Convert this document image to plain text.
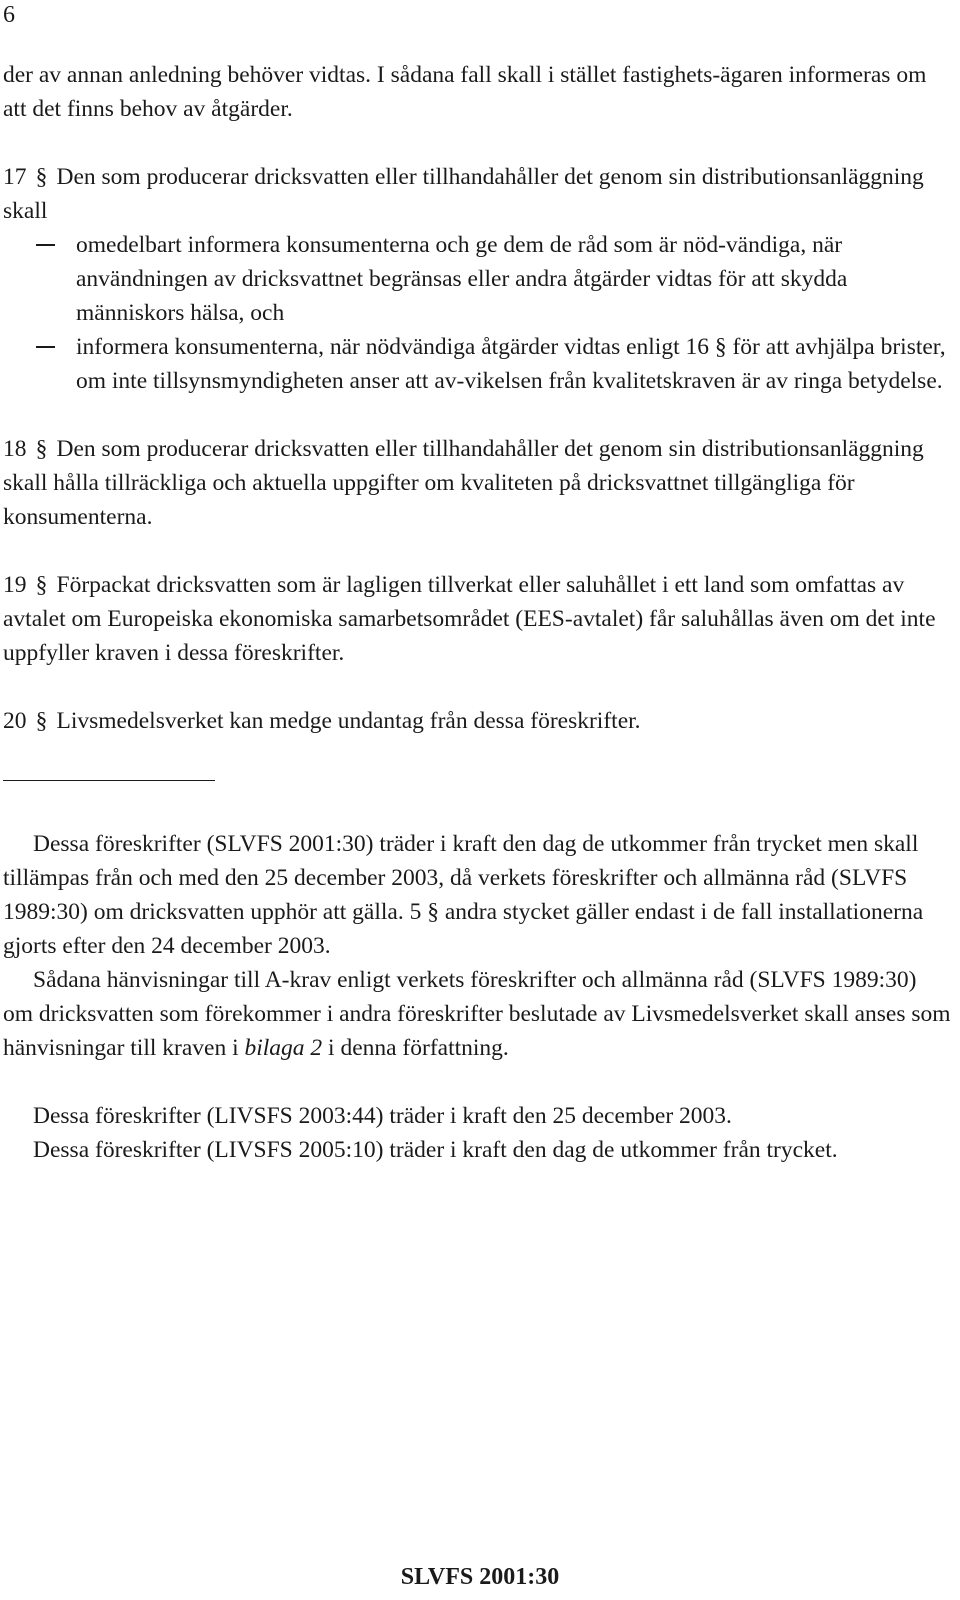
6

der av annan anledning behöver vidtas. I sådana fall skall i stället fastighets-ägaren informeras om att det finns behov av åtgärder.

17 § Den som producerar dricksvatten eller tillhandahåller det genom sin distributionsanläggning skall

omedelbart informera konsumenterna och ge dem de råd som är nöd-vändiga, när användningen av dricksvattnet begränsas eller andra åtgärder vidtas för att skydda människors hälsa, och
informera konsumenterna, när nödvändiga åtgärder vidtas enligt 16 § för att avhjälpa brister, om inte tillsynsmyndigheten anser att av-vikelsen från kvalitetskraven är av ringa betydelse.

18 § Den som producerar dricksvatten eller tillhandahåller det genom sin distributionsanläggning skall hålla tillräckliga och aktuella uppgifter om kvaliteten på dricksvattnet tillgängliga för konsumenterna.

19 § Förpackat dricksvatten som är lagligen tillverkat eller saluhållet i ett land som omfattas av avtalet om Europeiska ekonomiska samarbetsområdet (EES-avtalet) får saluhållas även om det inte uppfyller kraven i dessa föreskrifter.

20 § Livsmedelsverket kan medge undantag från dessa föreskrifter.

Dessa föreskrifter (SLVFS 2001:30) träder i kraft den dag de utkommer från trycket men skall tillämpas från och med den 25 december 2003, då verkets föreskrifter och allmänna råd (SLVFS 1989:30) om dricksvatten upphör att gälla. 5 § andra stycket gäller endast i de fall installationerna gjorts efter den 24 december 2003.

Sådana hänvisningar till A-krav enligt verkets föreskrifter och allmänna råd (SLVFS 1989:30) om dricksvatten som förekommer i andra föreskrifter beslutade av Livsmedelsverket skall anses som hänvisningar till kraven i bilaga 2 i denna författning.

Dessa föreskrifter (LIVSFS 2003:44) träder i kraft den 25 december 2003.

Dessa föreskrifter (LIVSFS 2005:10) träder i kraft den dag de utkommer från trycket.

SLVFS 2001:30
